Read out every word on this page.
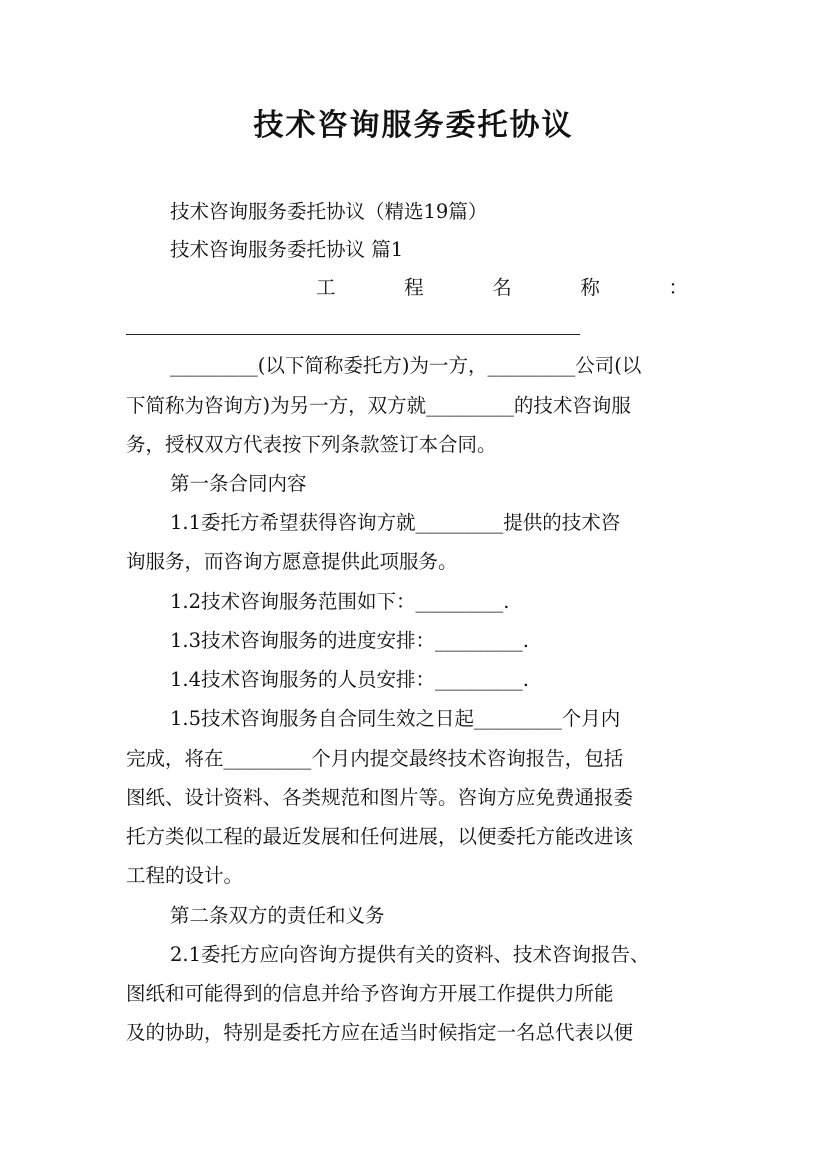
技术咨询服务委托协议
技术咨询服务委托协议（精选19篇）
技术咨询服务委托协议 篇1
工	程	名	称	：
_________(以下简称委托方)为一方，_________公司(以
下简称为咨询方)为另一方，双方就_________的技术咨询服
务，授权双方代表按下列条款签订本合同。
第一条合同内容
1.1委托方希望获得咨询方就_________提供的技术咨
询服务，而咨询方愿意提供此项服务。
1.2技术咨询服务范围如下：_________.
1.3技术咨询服务的进度安排：_________.
1.4技术咨询服务的人员安排：_________.
1.5技术咨询服务自合同生效之日起_________个月内
完成，将在_________个月内提交最终技术咨询报告，包括
图纸、设计资料、各类规范和图片等。咨询方应免费通报委
托方类似工程的最近发展和任何进展，以便委托方能改进该
工程的设计。
第二条双方的责任和义务
2.1委托方应向咨询方提供有关的资料、技术咨询报告、
图纸和可能得到的信息并给予咨询方开展工作提供力所能
及的协助，特别是委托方应在适当时候指定一名总代表以便
